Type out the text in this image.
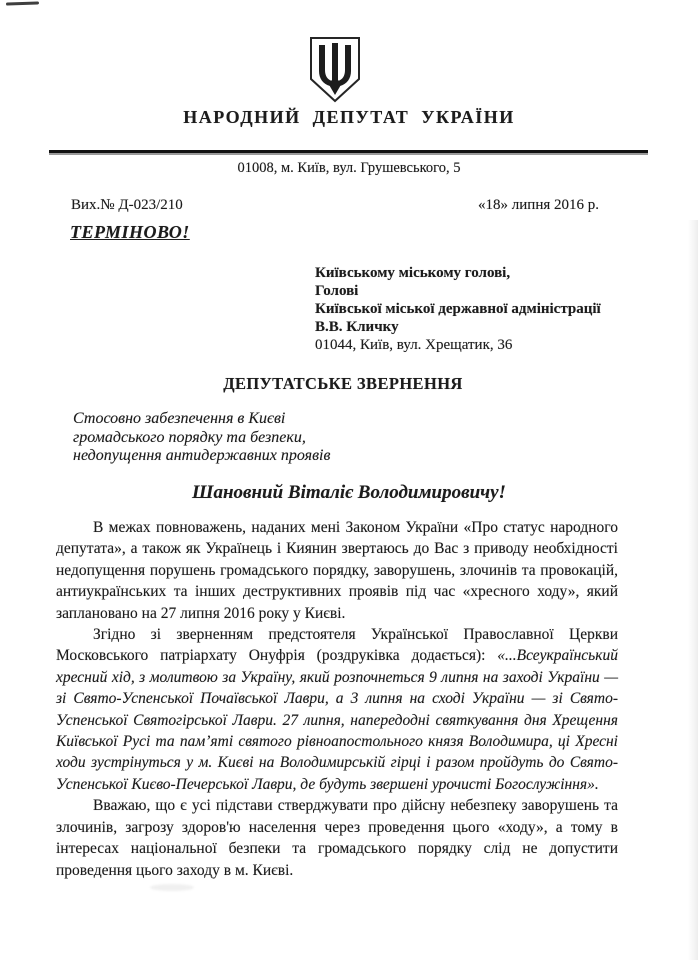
НАРОДНИЙ ДЕПУТАТ УКРАЇНИ
01008, м. Київ, вул. Грушевського, 5
Вих.№ Д-023/210	«18» липня 2016 р.
ТЕРМІНОВО!
Київському міському голові,
Голові
Київської міської державної адміністрації
В.В. Кличку
01044, Київ, вул. Хрещатик, 36
ДЕПУТАТСЬКЕ ЗВЕРНЕННЯ
Стосовно забезпечення в Києві
громадського порядку та безпеки,
недопущення антидержавних проявів
Шановний Віталіє Володимировичу!

В межах повноважень, наданих мені Законом України «Про статус народного депутата», а також як Українець і Киянин звертаюсь до Вас з приводу необхідності недопущення порушень громадського порядку, заворушень, злочинів та провокацій, антиукраїнських та інших деструктивних проявів під час «хресного ходу», який заплановано на 27 липня 2016 року у Києві.

Згідно зі зверненням предстоятеля Української Православної Церкви Московського патріархату Онуфрія (роздруківка додається): «...Всеукраїнський хресний хід, з молитвою за Україну, який розпочнеться 9 липня на заході України — зі Свято-Успенської Почаївської Лаври, а 3 липня на сході України — зі Свято-Успенської Святогірської Лаври. 27 липня, напередодні святкування дня Хрещення Київської Русі та пам’яті святого рівноапостольного князя Володимира, ці Хресні ходи зустрінуться у м. Києві на Володимирській гірці і разом пройдуть до Свято-Успенської Києво-Печерської Лаври, де будуть звершені урочисті Богослужіння».

Вважаю, що є усі підстави стверджувати про дійсну небезпеку заворушень та злочинів, загрозу здоров'ю населення через проведення цього «ходу», а тому в інтересах національної безпеки та громадського порядку слід не допустити проведення цього заходу в м. Києві.
